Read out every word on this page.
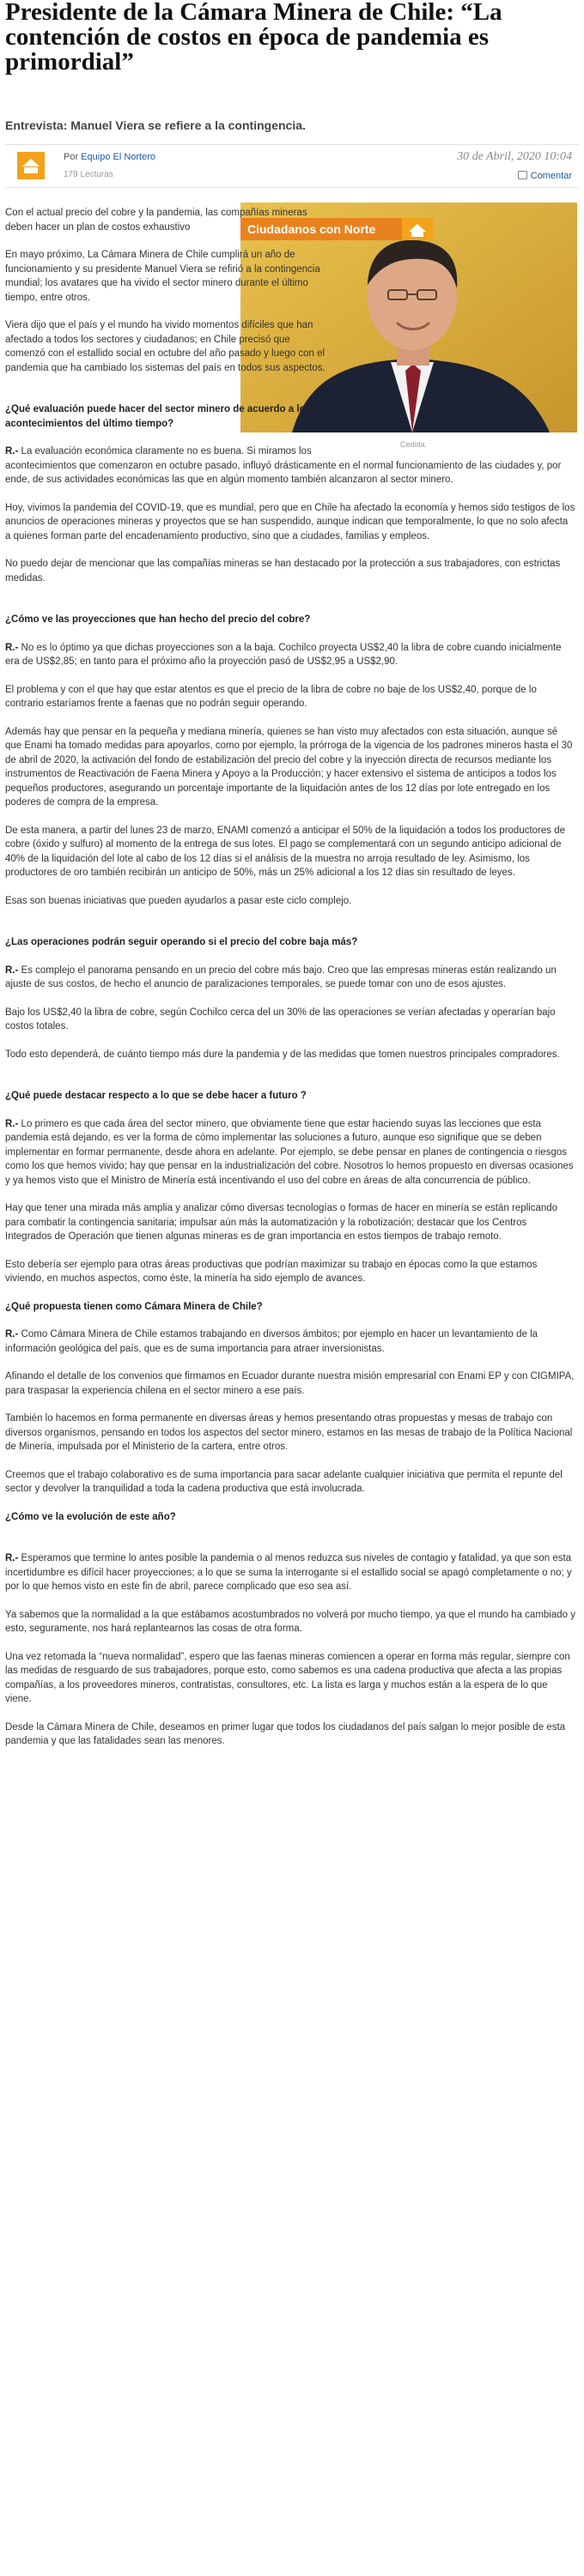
Presidente de la Cámara Minera de Chile: “La contención de costos en época de pandemia es primordial”

Entrevista: Manuel Viera se refiere a la contingencia.

Por Equipo El Nortero
179 Lecturas
30 de Abril, 2020 10:04
Comentar
Ciudadanos con Norte
Cedida.

Con el actual precio del cobre y la pandemia, las compañías mineras deben hacer un plan de costos exhaustivo

En mayo próximo, La Cámara Minera de Chile cumplirá un año de funcionamiento y su presidente Manuel Viera se refirió a la contingencia mundial; los avatares que ha vivido el sector minero durante el último tiempo, entre otros.

Viera dijo que el país y el mundo ha vivido momentos difíciles que han afectado a todos los sectores y ciudadanos; en Chile precisó que comenzó con el estallido social en octubre del año pasado y luego con el pandemia que ha cambiado los sistemas del país en todos sus aspectos.

¿Qué evaluación puede hacer del sector minero de acuerdo a los acontecimientos del último tiempo?

R.- La evaluación económica claramente no es buena. Si miramos los acontecimientos que comenzaron en octubre pasado, influyó drásticamente en el normal funcionamiento de las ciudades y, por ende, de sus actividades económicas las que en algún momento también alcanzaron al sector minero.

Hoy, vivimos la pandemia del COVID-19, que es mundial, pero que en Chile ha afectado la economía y hemos sido testigos de los anuncios de operaciones mineras y proyectos que se han suspendido, aunque indican que temporalmente, lo que no solo afecta a quienes forman parte del encadenamiento productivo, sino que a ciudades, familias y empleos.

No puedo dejar de mencionar que las compañías mineras se han destacado por la protección a sus trabajadores, con estrictas medidas.

¿Cómo ve las proyecciones que han hecho del precio del cobre?

R.- No es lo óptimo ya que dichas proyecciones son a la baja. Cochilco proyecta US$2,40 la libra de cobre cuando inicialmente era de US$2,85; en tanto para el próximo año la proyección pasó de US$2,95 a US$2,90.

El problema y con el que hay que estar atentos es que el precio de la libra de cobre no baje de los US$2,40, porque de lo contrario estaríamos frente a faenas que no podrán seguir operando.

Además hay que pensar en la pequeña y mediana minería, quienes se han visto muy afectados con esta situación, aunque sé que Enami ha tomado medidas para apoyarlos, como por ejemplo, la prórroga de la vigencia de los padrones mineros hasta el 30 de abril de 2020, la activación del fondo de estabilización del precio del cobre y la inyección directa de recursos mediante los instrumentos de Reactivación de Faena Minera y Apoyo a la Producción; y hacer extensivo el sistema de anticipos a todos los pequeños productores, asegurando un porcentaje importante de la liquidación antes de los 12 días por lote entregado en los poderes de compra de la empresa.

De esta manera, a partir del lunes 23 de marzo, ENAMI comenzó a anticipar el 50% de la liquidación a todos los productores de cobre (óxido y sulfuro) al momento de la entrega de sus lotes. El pago se complementará con un segundo anticipo adicional de 40% de la liquidación del lote al cabo de los 12 días si el análisis de la muestra no arroja resultado de ley. Asimismo, los productores de oro también recibirán un anticipo de 50%, más un 25% adicional a los 12 días sin resultado de leyes.

Esas son buenas iniciativas que pueden ayudarlos a pasar este ciclo complejo.

¿Las operaciones podrán seguir operando si el precio del cobre baja más?

R.- Es complejo el panorama pensando en un precio del cobre más bajo. Creo que las empresas mineras están realizando un ajuste de sus costos, de hecho el anuncio de paralizaciones temporales, se puede tomar con uno de esos ajustes.

Bajo los US$2,40 la libra de cobre, según Cochilco cerca del un 30% de las operaciones se verían afectadas y operarían bajo costos totales.

Todo esto dependerá, de cuánto tiempo más dure la pandemia y de las medidas que tomen nuestros principales compradores.

¿Qué puede destacar respecto a lo que se debe hacer a futuro ?

R.- Lo primero es que cada área del sector minero, que obviamente tiene que estar haciendo suyas las lecciones que esta pandemia está dejando, es ver la forma de cómo implementar las soluciones a futuro, aunque eso signifique que se deben implementar en formar permanente, desde ahora en adelante. Por ejemplo, se debe pensar en planes de contingencia o riesgos como los que hemos vivido; hay que pensar en la industrialización del cobre. Nosotros lo hemos propuesto en diversas ocasiones y ya hemos visto que el Ministro de Minería está incentivando el uso del cobre en áreas de alta concurrencia de público.

Hay que tener una mirada más amplia y analizar cómo diversas tecnologías o formas de hacer en minería se están replicando para combatir la contingencia sanitaria; impulsar aún más la automatización y la robotización; destacar que los Centros Integrados de Operación que tienen algunas mineras es de gran importancia en estos tiempos de trabajo remoto.

Esto debería ser ejemplo para otras áreas productivas que podrían maximizar su trabajo en épocas como la que estamos viviendo, en muchos aspectos, como éste, la minería ha sido ejemplo de avances.

¿Qué propuesta tienen como Cámara Minera de Chile?

R.- Como Cámara Minera de Chile estamos trabajando en diversos ámbitos; por ejemplo en hacer un levantamiento de la información geológica del país, que es de suma importancia para atraer inversionistas.

Afinando el detalle de los convenios que firmamos en Ecuador durante nuestra misión empresarial con Enami EP y con CIGMIPA, para traspasar la experiencia chilena en el sector minero a ese país.

También lo hacemos en forma permanente en diversas áreas y hemos presentando otras propuestas y mesas de trabajo con diversos organismos, pensando en todos los aspectos del sector minero, estamos en las mesas de trabajo de la Política Nacional de Minería, impulsada por el Ministerio de la cartera, entre otros.

Creemos que el trabajo colaborativo es de suma importancia para sacar adelante cualquier iniciativa que permita el repunte del sector y devolver la tranquilidad a toda la cadena productiva que está involucrada.

¿Cómo ve la evolución de este año?

R.- Esperamos que termine lo antes posible la pandemia o al menos reduzca sus niveles de contagio y fatalidad, ya que son esta incertidumbre es difícil hacer proyecciones; a lo que se suma la interrogante si el estallido social se apagó completamente o no; y por lo que hemos visto en este fin de abril, parece complicado que eso sea así.

Ya sabemos que la normalidad a la que estábamos acostumbrados no volverá por mucho tiempo, ya que el mundo ha cambiado y esto, seguramente, nos hará replantearnos las cosas de otra forma.

Una vez retomada la “nueva normalidad”, espero que las faenas mineras comiencen a operar en forma más regular, siempre con las medidas de resguardo de sus trabajadores, porque esto, como sabemos es una cadena productiva que afecta a las propias compañías, a los proveedores mineros, contratistas, consultores, etc. La lista es larga y muchos están a la espera de lo que viene.

Desde la Cámara Minera de Chile, deseamos en primer lugar que todos los ciudadanos del país salgan lo mejor posible de esta pandemia y que las fatalidades sean las menores.
